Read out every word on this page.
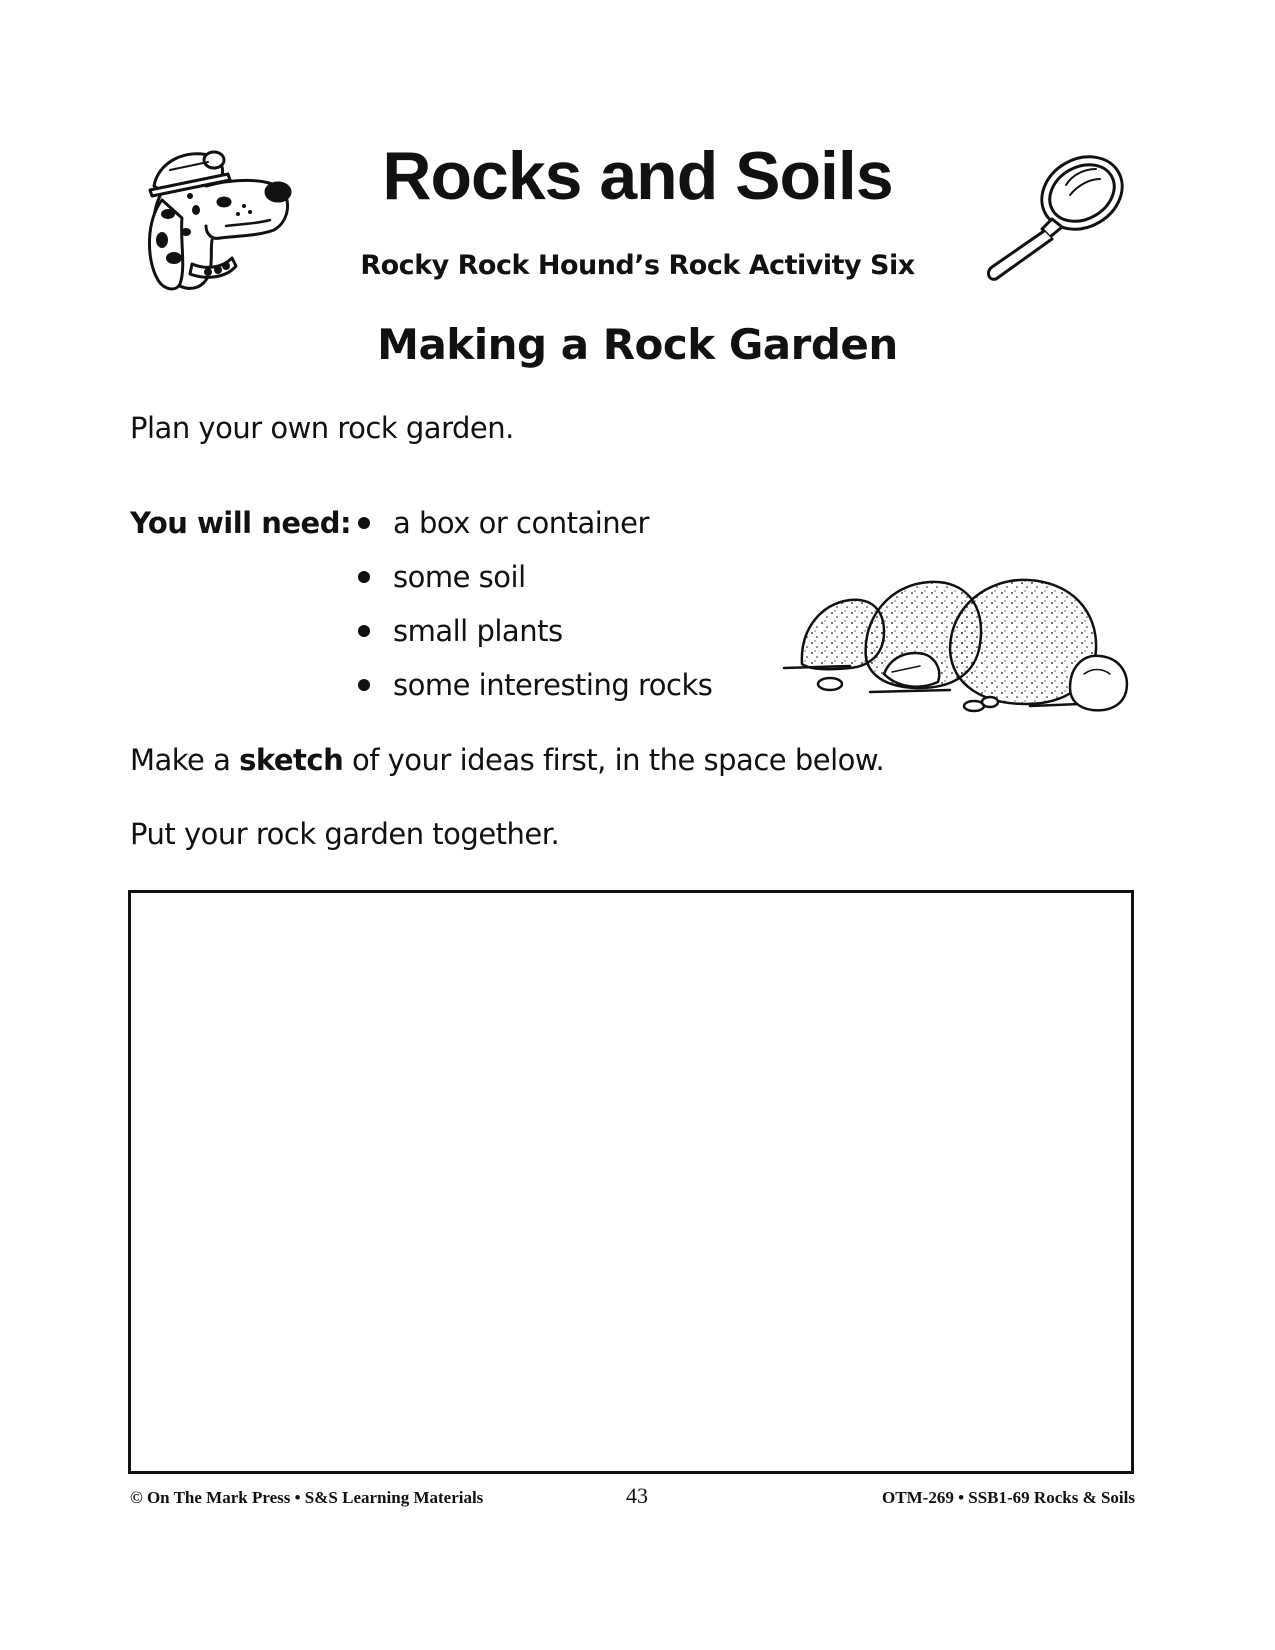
Rocks and Soils
Rocky Rock Hound’s Rock Activity Six
Making a Rock Garden
Plan your own rock garden.
You will need: a box or container
some soil
small plants
some interesting rocks
Make a sketch of your ideas first, in the space below.
Put your rock garden together.
© On The Mark Press • S&S Learning Materials	43	OTM-269 • SSB1-69 Rocks & Soils
